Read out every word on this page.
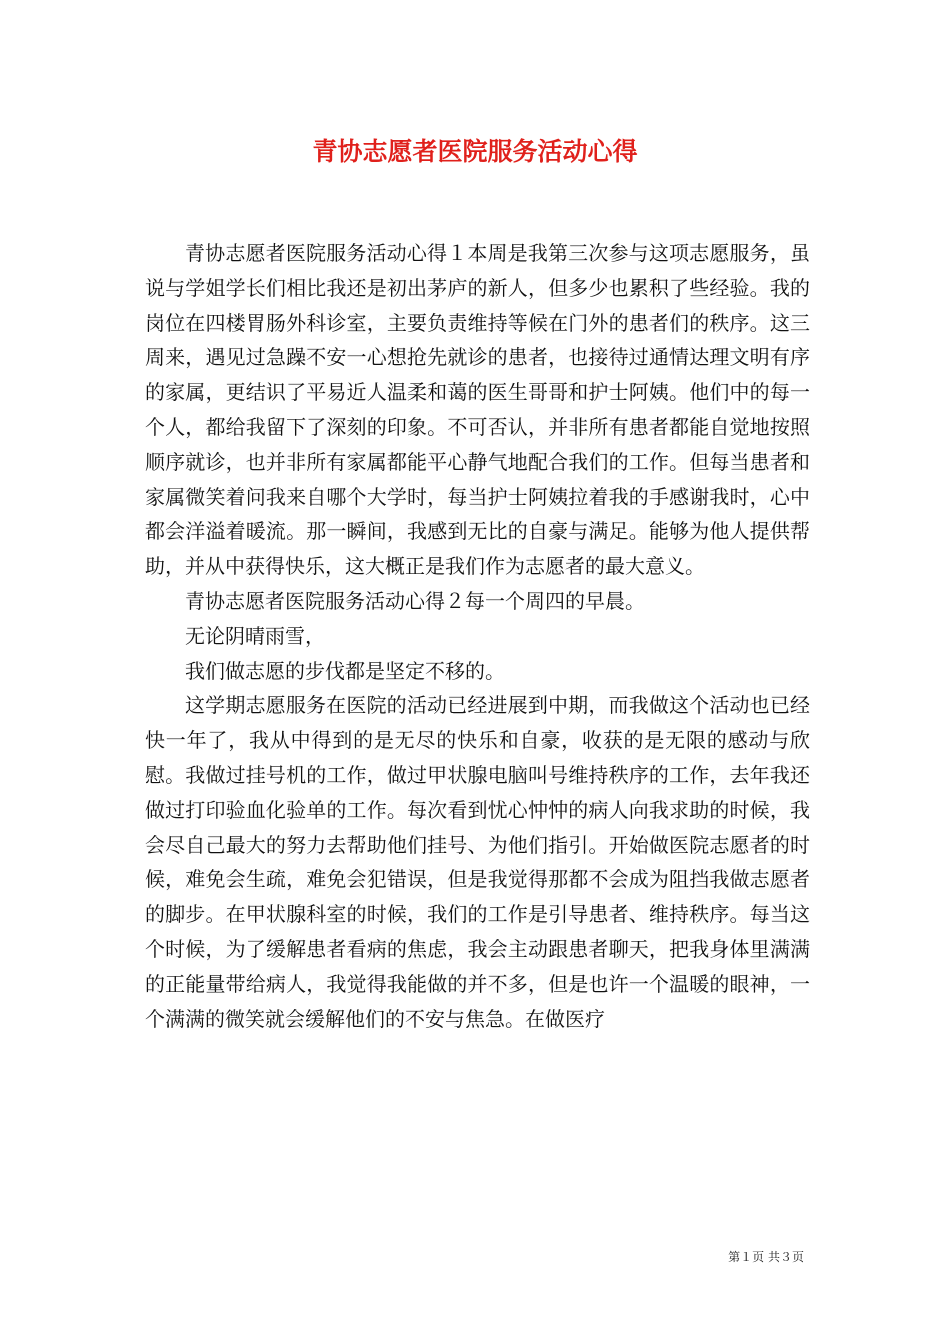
青协志愿者医院服务活动心得

青协志愿者医院服务活动心得１本周是我第三次参与这项志愿服务，虽说与学姐学长们相比我还是初出茅庐的新人，但多少也累积了些经验。我的岗位在四楼胃肠外科诊室，主要负责维持等候在门外的患者们的秩序。这三周来，遇见过急躁不安一心想抢先就诊的患者，也接待过通情达理文明有序的家属，更结识了平易近人温柔和蔼的医生哥哥和护士阿姨。他们中的每一个人，都给我留下了深刻的印象。不可否认，并非所有患者都能自觉地按照顺序就诊，也并非所有家属都能平心静气地配合我们的工作。但每当患者和家属微笑着问我来自哪个大学时，每当护士阿姨拉着我的手感谢我时，心中都会洋溢着暖流。那一瞬间，我感到无比的自豪与满足。能够为他人提供帮助，并从中获得快乐，这大概正是我们作为志愿者的最大意义。

青协志愿者医院服务活动心得２每一个周四的早晨。

无论阴晴雨雪，

我们做志愿的步伐都是坚定不移的。

这学期志愿服务在医院的活动已经进展到中期，而我做这个活动也已经快一年了，我从中得到的是无尽的快乐和自豪，收获的是无限的感动与欣慰。我做过挂号机的工作，做过甲状腺电脑叫号维持秩序的工作，去年我还做过打印验血化验单的工作。每次看到忧心忡忡的病人向我求助的时候，我会尽自己最大的努力去帮助他们挂号、为他们指引。开始做医院志愿者的时候，难免会生疏，难免会犯错误，但是我觉得那都不会成为阻挡我做志愿者的脚步。在甲状腺科室的时候，我们的工作是引导患者、维持秩序。每当这个时候，为了缓解患者看病的焦虑，我会主动跟患者聊天，把我身体里满满的正能量带给病人，我觉得我能做的并不多，但是也许一个温暖的眼神，一个满满的微笑就会缓解他们的不安与焦急。在做医疗

第１页 共３页
